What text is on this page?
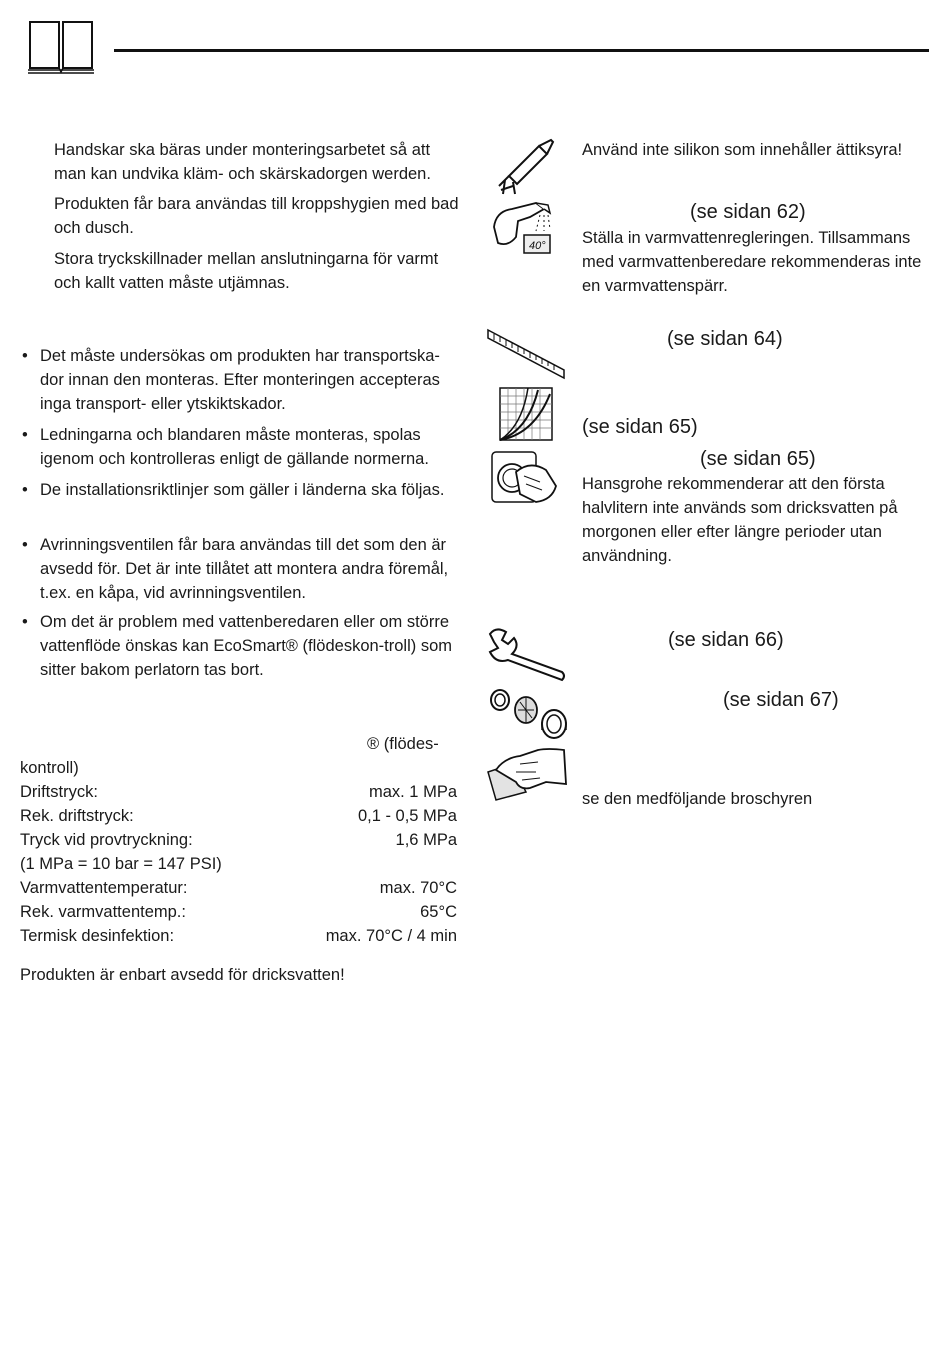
Handskar ska bäras under monteringsarbetet så att man kan undvika kläm- och skärskadorgen werden.
Produkten får bara användas till kroppshygien med bad och dusch.
Stora tryckskillnader mellan anslutningarna för varmt och kallt vatten måste utjämnas.
• Det måste undersökas om produkten har transportska-dor innan den monteras. Efter monteringen accepteras inga transport- eller ytskiktskador.
• Ledningarna och blandaren måste monteras, spolas igenom och kontrolleras enligt de gällande normerna.
• De installationsriktlinjer som gäller i länderna ska följas.
• Avrinningsventilen får bara användas till det som den är avsedd för. Det är inte tillåtet att montera andra föremål, t.ex. en kåpa, vid avrinningsventilen.
• Om det är problem med vattenberedaren eller om större vattenflöde önskas kan EcoSmart® (flödeskon-troll) som sitter bakom perlatorn tas bort.
® (flödes-
kontroll)
Driftstryck:	max. 1 MPa
Rek. driftstryck:	0,1 - 0,5 MPa
Tryck vid provtryckning:	1,6 MPa
(1 MPa = 10 bar = 147 PSI)
Varmvattentemperatur:	max. 70°C
Rek. varmvattentemp.:	65°C
Termisk desinfektion:	max. 70°C / 4 min
Produkten är enbart avsedd för dricksvatten!
40°
Använd inte silikon som innehåller ättiksyra!
(se sidan 62)
Ställa in varmvattenregleringen. Tillsammans med varmvattenberedare rekommenderas inte en varmvattenspärr.
(se sidan 64)
(se sidan 65)
(se sidan 65)
Hansgrohe rekommenderar att den första halvlitern inte används som dricksvatten på morgonen eller efter längre perioder utan användning.
(se sidan 66)
(se sidan 67)
se den medföljande broschyren
